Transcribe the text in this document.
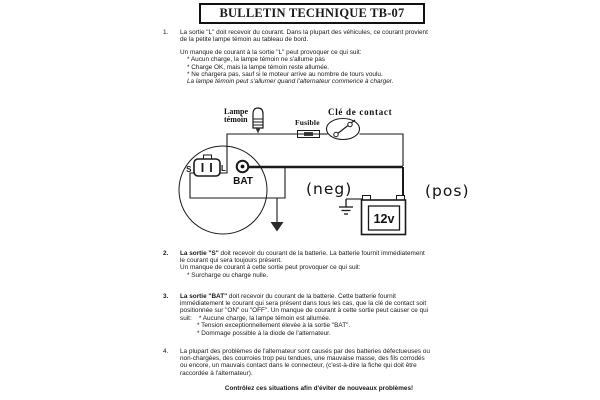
BULLETIN TECHNIQUE TB-07
1.	La sortie "L" doit recevoir du courant. Dans la plupart des véhicules, ce courant provient
de la petite lampe témoin au tableau de bord.
Un manque de courant à la sortie "L" peut provoquer ce qui suit:
* Aucun charge, la lampe témoin ne s'allume pas
* Charge OK, mais la lampe témoin reste allumée.
* Ne chargera pas, sauf si le moteur arrive au nombre de tours voulu.
La lampe témoin peut s'allumer quand l'alternateur commence à charger.
Lampe
témoin	Fusible
Clé de contact
S	L
BAT	(neg)	(pos)
12v
2.	La sortie "S" doit recevoir du courant de la batterie. La batterie fournit immédiatement
le courant qui sera toujours présent.
Un manque de courant à cette sortie peut provoquer ce qui suit:
* Surcharge ou charge nulle.
3.	La sortie "BAT" doit recevoir du courant de la batterie. Cette batterie fournit
immédiatement le courant qui sera présent dans tous les cas, que la clé de contact soit
positionnée sur "ON" ou "OFF". Un manque de courant à cette sortie peut causer ce qui
suit:    * Aucune charge, la lampe témoin est allumée.
* Tension exceptionnellement élevée à la sortie "BAT".
* Dommage possible à la diode de l'alternateur.
4.	La plupart des problèmes de l'alternateur sont causés par des batteries défectueuses ou
non-chargées, des courroies trop peu tendues, une mauvaise masse, des fils corrodés
ou encore, un mauvais contact dans le connecteur, (c'est-à-dire la fiche qui doit être
raccordée à l'alternateur).
Contrôlez ces situations afin d'éviter de nouveaux problèmes!
